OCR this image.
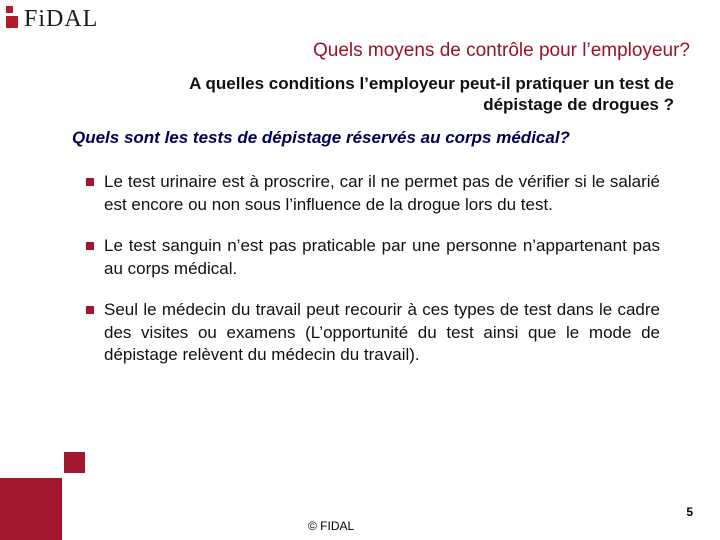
FiDAL
Quels moyens de contrôle pour l’employeur?
A quelles conditions l’employeur peut-il pratiquer un test de dépistage de drogues ?
Quels sont les tests de dépistage réservés au corps médical?
Le test urinaire est à proscrire, car il ne permet pas de vérifier si le salarié est encore ou non sous l’influence de la drogue lors du test.
Le test sanguin n’est pas praticable par une personne n’appartenant pas au corps médical.
Seul le médecin du travail peut recourir à ces types de test dans le cadre des visites ou examens (L’opportunité du test ainsi que le mode de dépistage relèvent du médecin du travail).
© FIDAL
5
